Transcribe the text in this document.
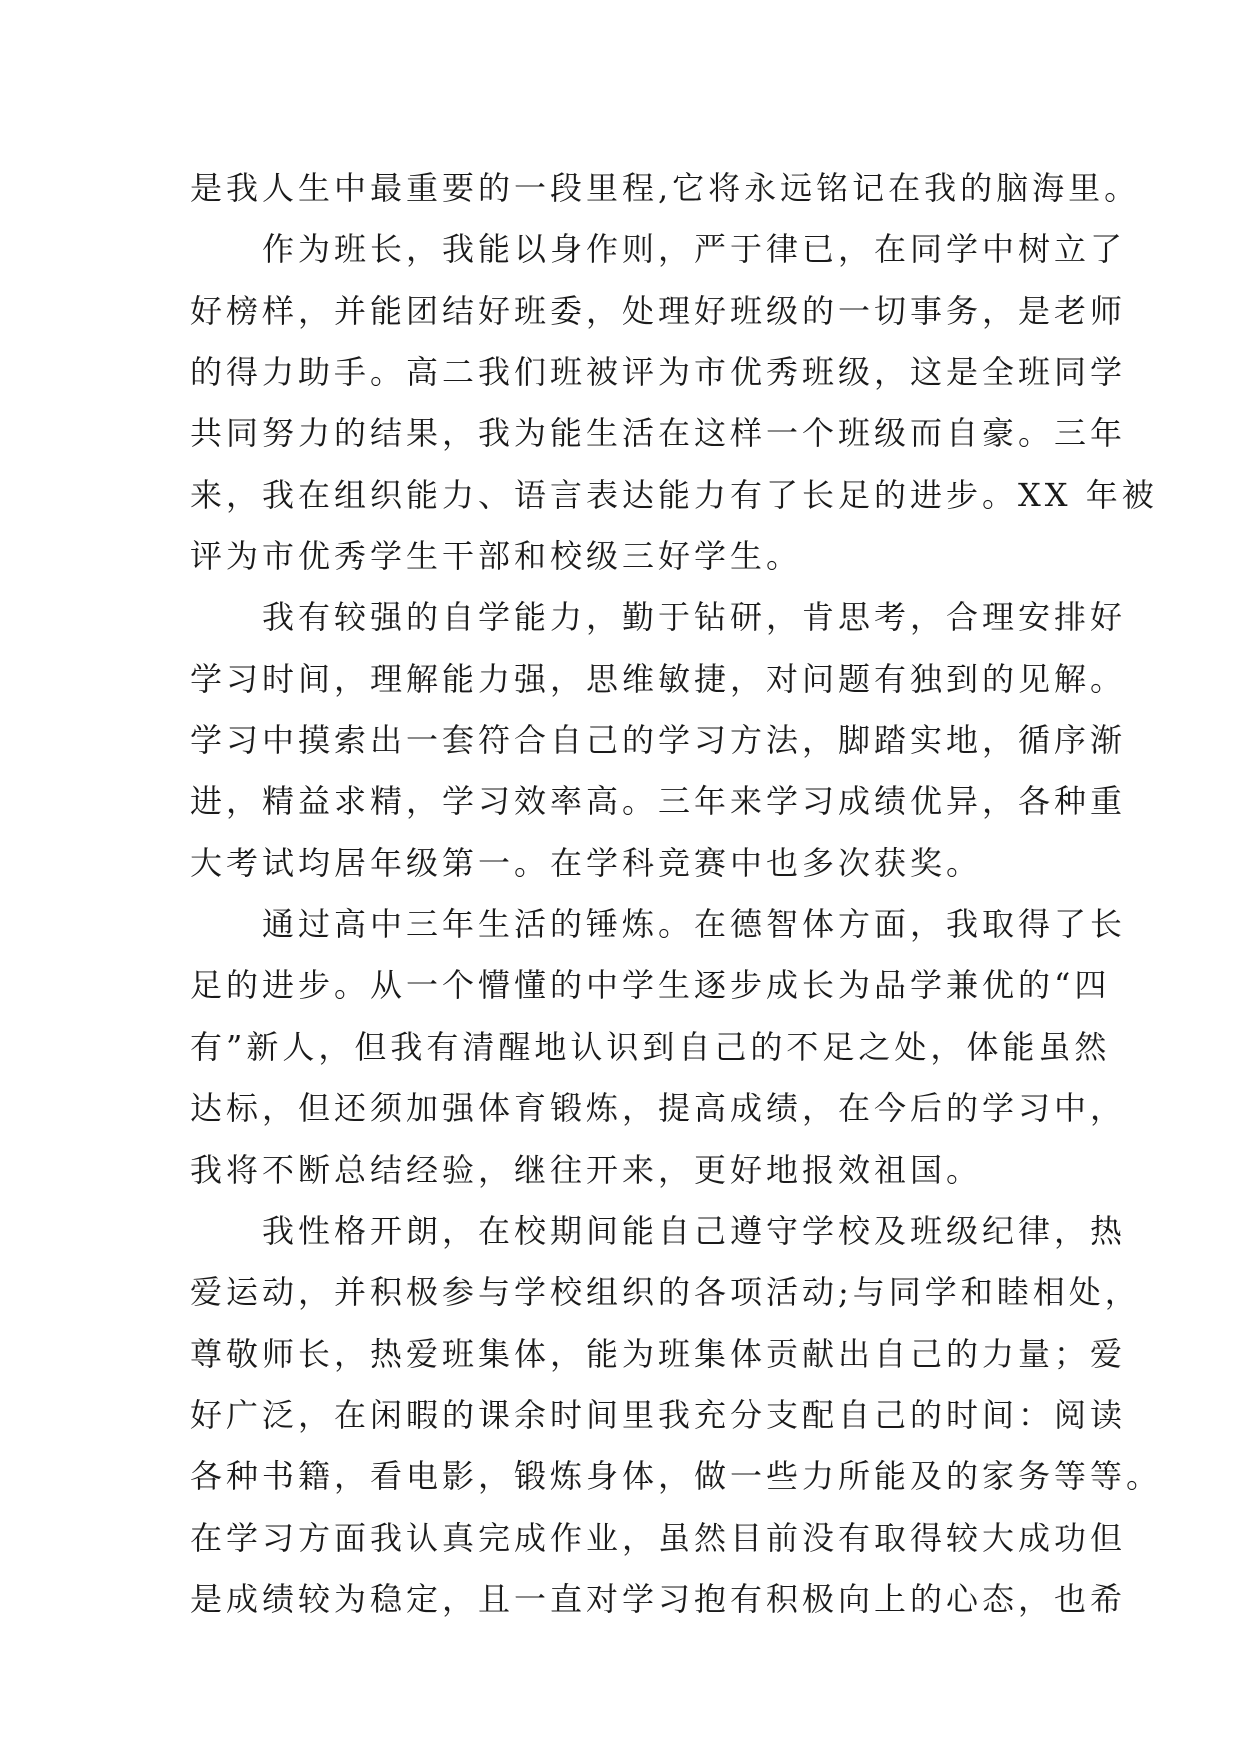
是我人生中最重要的一段里程,它将永远铭记在我的脑海里。
作为班长，我能以身作则，严于律已，在同学中树立了
好榜样，并能团结好班委，处理好班级的一切事务，是老师
的得力助手。高二我们班被评为市优秀班级，这是全班同学
共同努力的结果，我为能生活在这样一个班级而自豪。三年
来，我在组织能力、语言表达能力有了长足的进步。XX 年被
评为市优秀学生干部和校级三好学生。
我有较强的自学能力，勤于钻研，肯思考，合理安排好
学习时间，理解能力强，思维敏捷，对问题有独到的见解。
学习中摸索出一套符合自己的学习方法，脚踏实地，循序渐
进，精益求精，学习效率高。三年来学习成绩优异，各种重
大考试均居年级第一。在学科竞赛中也多次获奖。
通过高中三年生活的锤炼。在德智体方面，我取得了长
足的进步。从一个懵懂的中学生逐步成长为品学兼优的“四
有”新人，但我有清醒地认识到自己的不足之处，体能虽然
达标，但还须加强体育锻炼，提高成绩，在今后的学习中，
我将不断总结经验，继往开来，更好地报效祖国。
我性格开朗，在校期间能自己遵守学校及班级纪律，热
爱运动，并积极参与学校组织的各项活动;与同学和睦相处，
尊敬师长，热爱班集体，能为班集体贡献出自己的力量；爱
好广泛，在闲暇的课余时间里我充分支配自己的时间：阅读
各种书籍，看电影，锻炼身体，做一些力所能及的家务等等。
在学习方面我认真完成作业，虽然目前没有取得较大成功但
是成绩较为稳定，且一直对学习抱有积极向上的心态，也希
